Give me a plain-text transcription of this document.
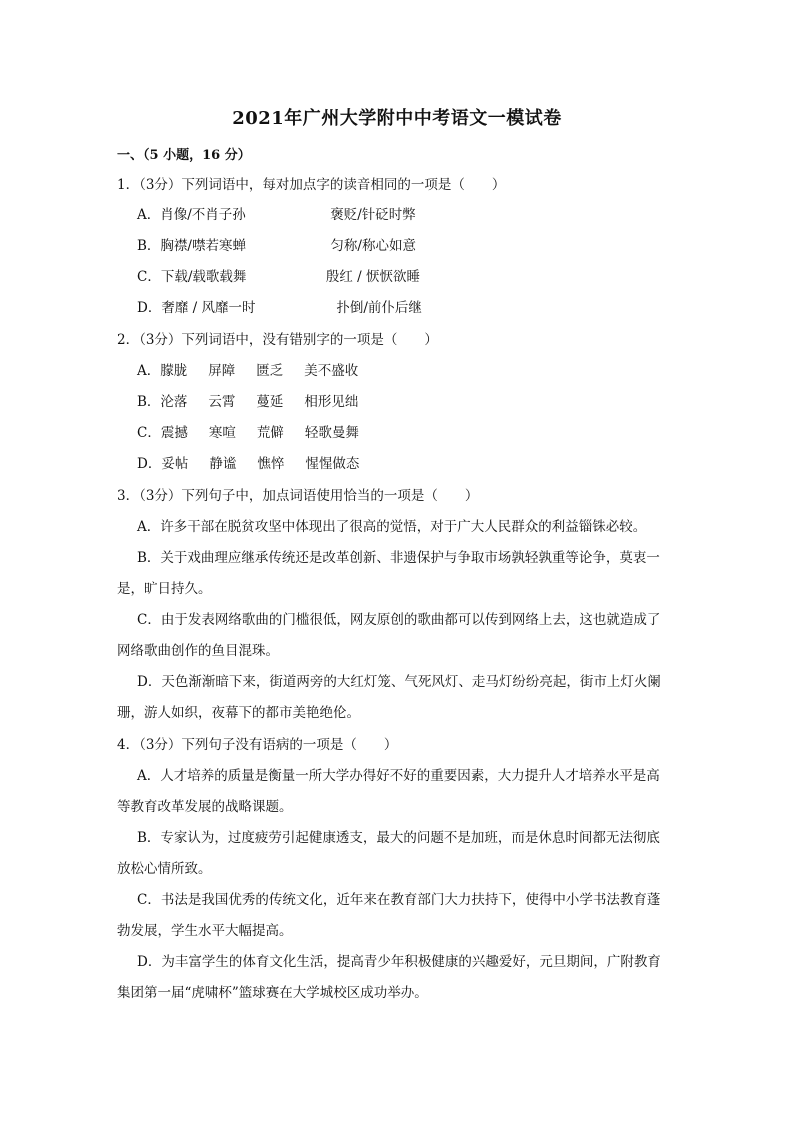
2021年广州大学附中中考语文一模试卷
一、（5 小题，16 分）
1．（3分）下列词语中，每对加点字的读音相同的一项是（　　）
A．肖像/不肖子孙	褒贬/针砭时弊
B．胸襟/噤若寒蝉	匀称/称心如意
C．下载/载歌载舞	殷红 / 恹恹欲睡
D．奢靡 / 风靡一时	扑倒/前仆后继
2．（3分）下列词语中，没有错别字的一项是（　　）
A．朦胧 屏障 匮乏 美不盛收
B．沦落 云霄 蔓延 相形见绌
C．震撼 寒喧 荒僻 轻歌曼舞
D．妥帖 静谧 憔悴 惺惺做态
3．（3分）下列句子中，加点词语使用恰当的一项是（　　）
A．许多干部在脱贫攻坚中体现出了很高的觉悟，对于广大人民群众的利益锱铢必较。
B．关于戏曲理应继承传统还是改革创新、非遗保护与争取市场孰轻孰重等论争，莫衷一
是，旷日持久。
C．由于发表网络歌曲的门槛很低，网友原创的歌曲都可以传到网络上去，这也就造成了
网络歌曲创作的鱼目混珠。
D．天色渐渐暗下来，街道两旁的大红灯笼、气死风灯、走马灯纷纷亮起，街市上灯火阑
珊，游人如织，夜幕下的都市美艳绝伦。
4．（3分）下列句子没有语病的一项是（　　）
A．人才培养的质量是衡量一所大学办得好不好的重要因素，大力提升人才培养水平是高
等教育改革发展的战略课题。
B．专家认为，过度疲劳引起健康透支，最大的问题不是加班，而是休息时间都无法彻底
放松心情所致。
C．书法是我国优秀的传统文化，近年来在教育部门大力扶持下，使得中小学书法教育蓬
勃发展，学生水平大幅提高。
D．为丰富学生的体育文化生活，提高青少年积极健康的兴趣爱好，元旦期间，广附教育
集团第一届“虎啸杯”篮球赛在大学城校区成功举办。
